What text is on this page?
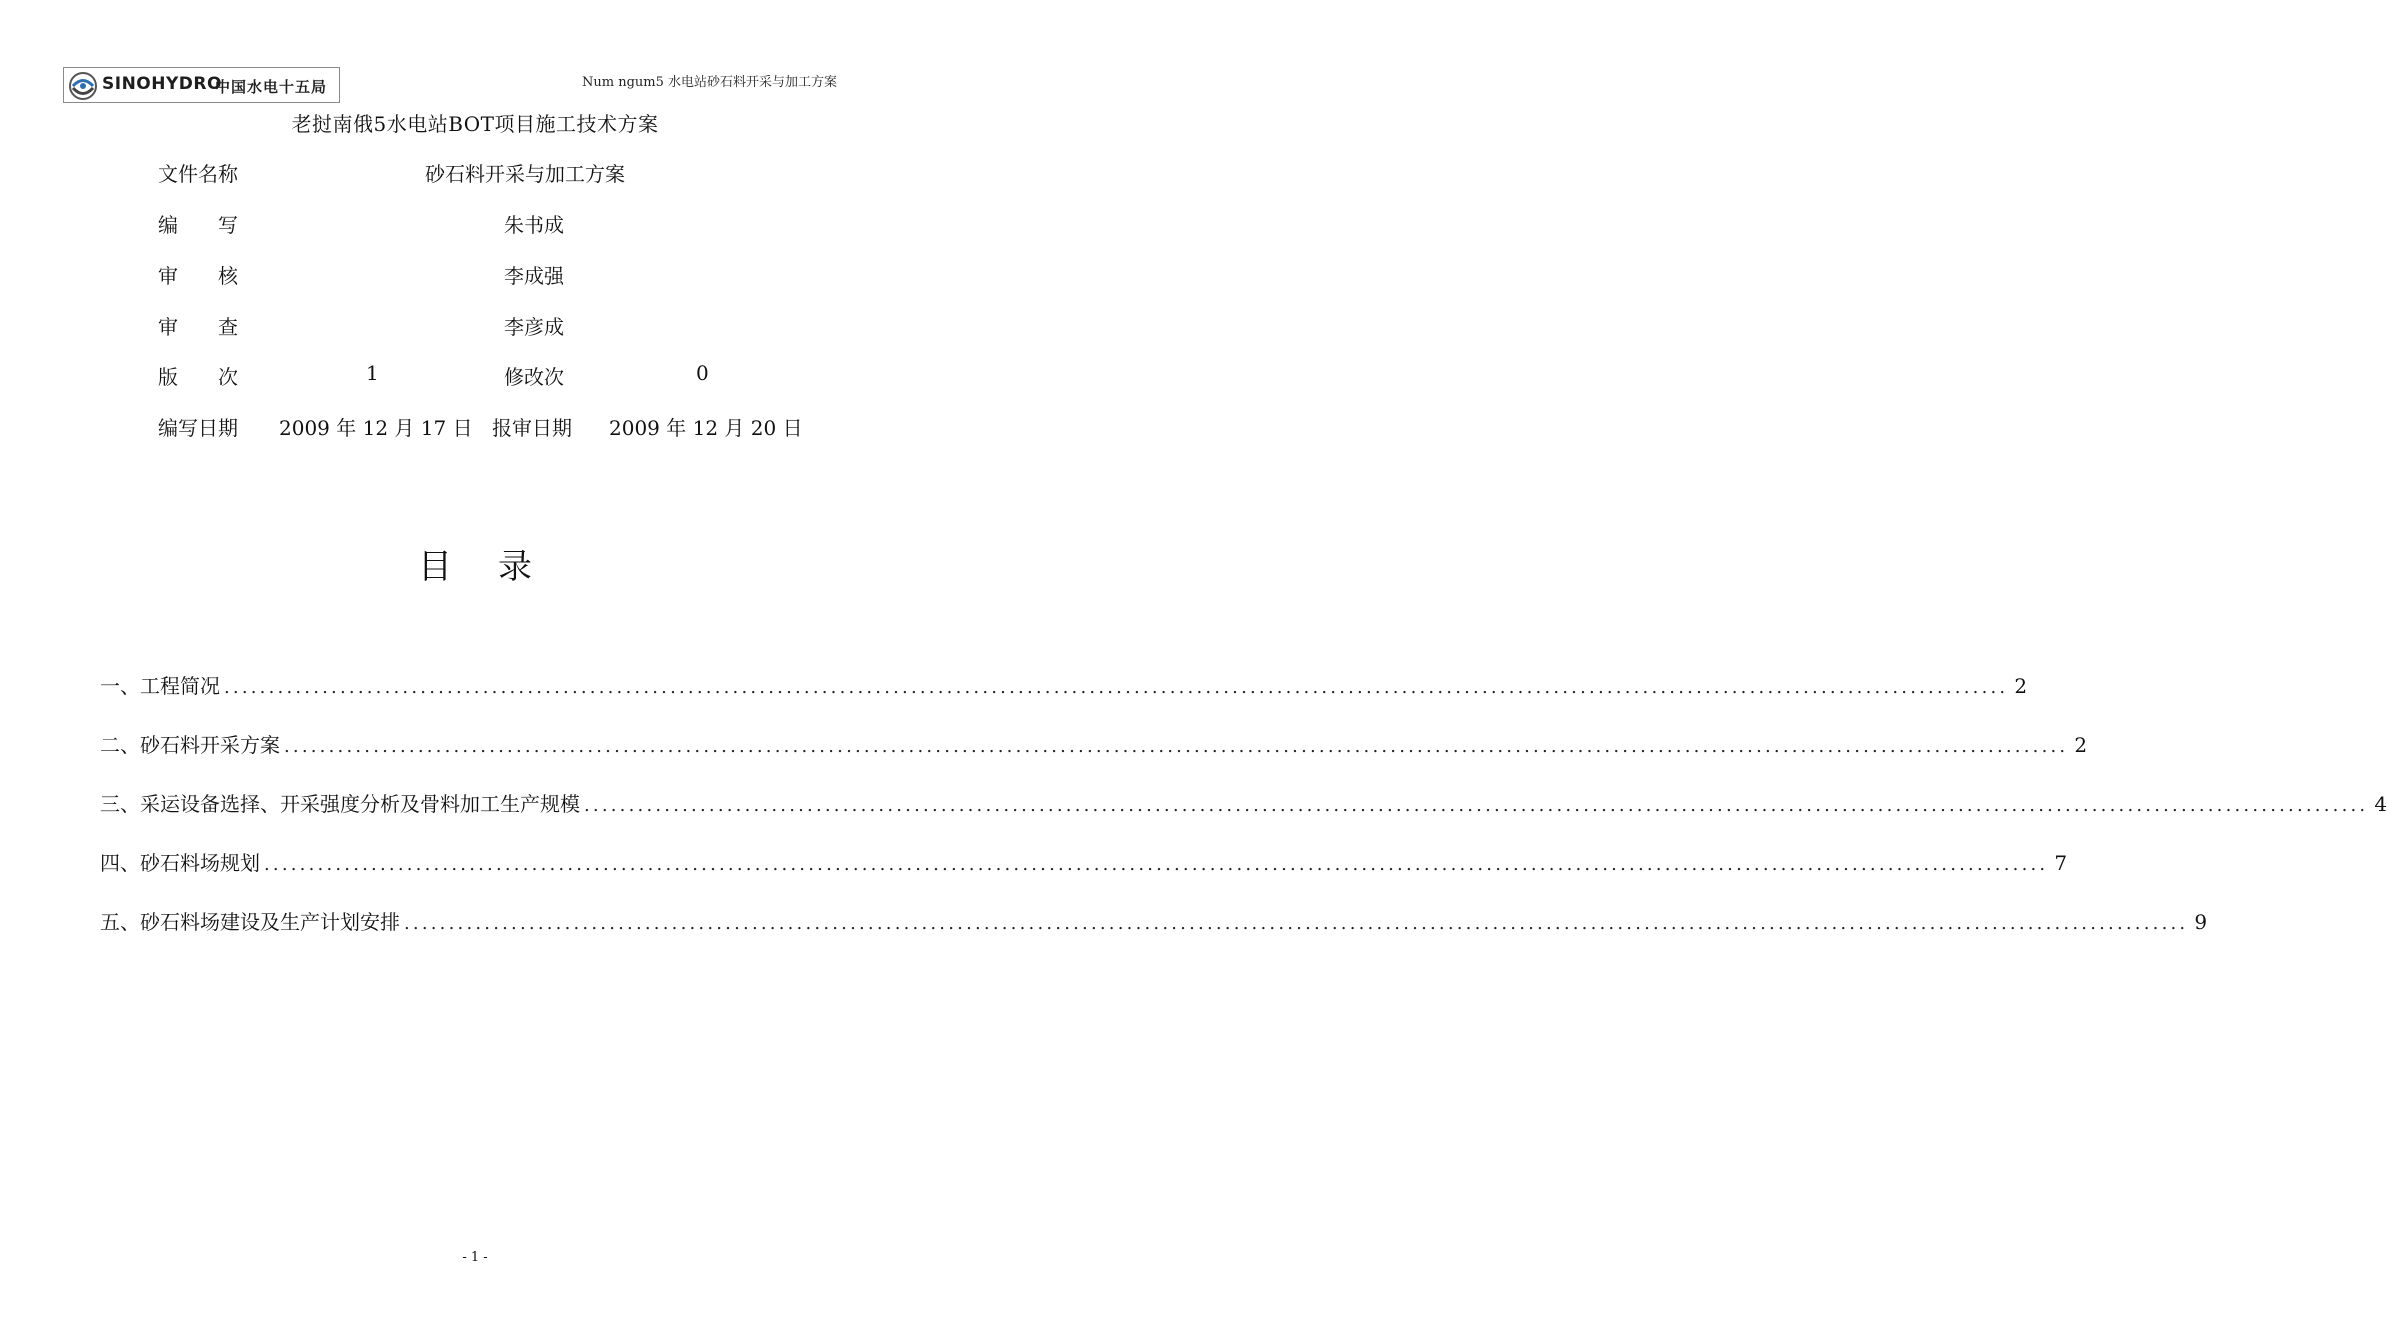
SINOHYDRO
中国水电十五局	Num ngum5 水电站砂石料开采与加工方案
老挝南俄5水电站BOT项目施工技术方案
文件名称	砂石料开采与加工方案
编　　写	朱书成
审　　核	李成强
审　　查	李彦成
版　　次	1	修改次	0
编写日期 2009 年 12 月 17 日 报审日期 2009 年 12 月 20 日
目录
一、工程简况 ........................................................................................................................................................................................................ 2
二、砂石料开采方案 ........................................................................................................................................................................................................ 2
三、采运设备选择、开采强度分析及骨料加工生产规模 ........................................................................................................................................................................................................ 4
四、砂石料场规划 ........................................................................................................................................................................................................ 7
五、砂石料场建设及生产计划安排 ........................................................................................................................................................................................................ 9
- 1 -
